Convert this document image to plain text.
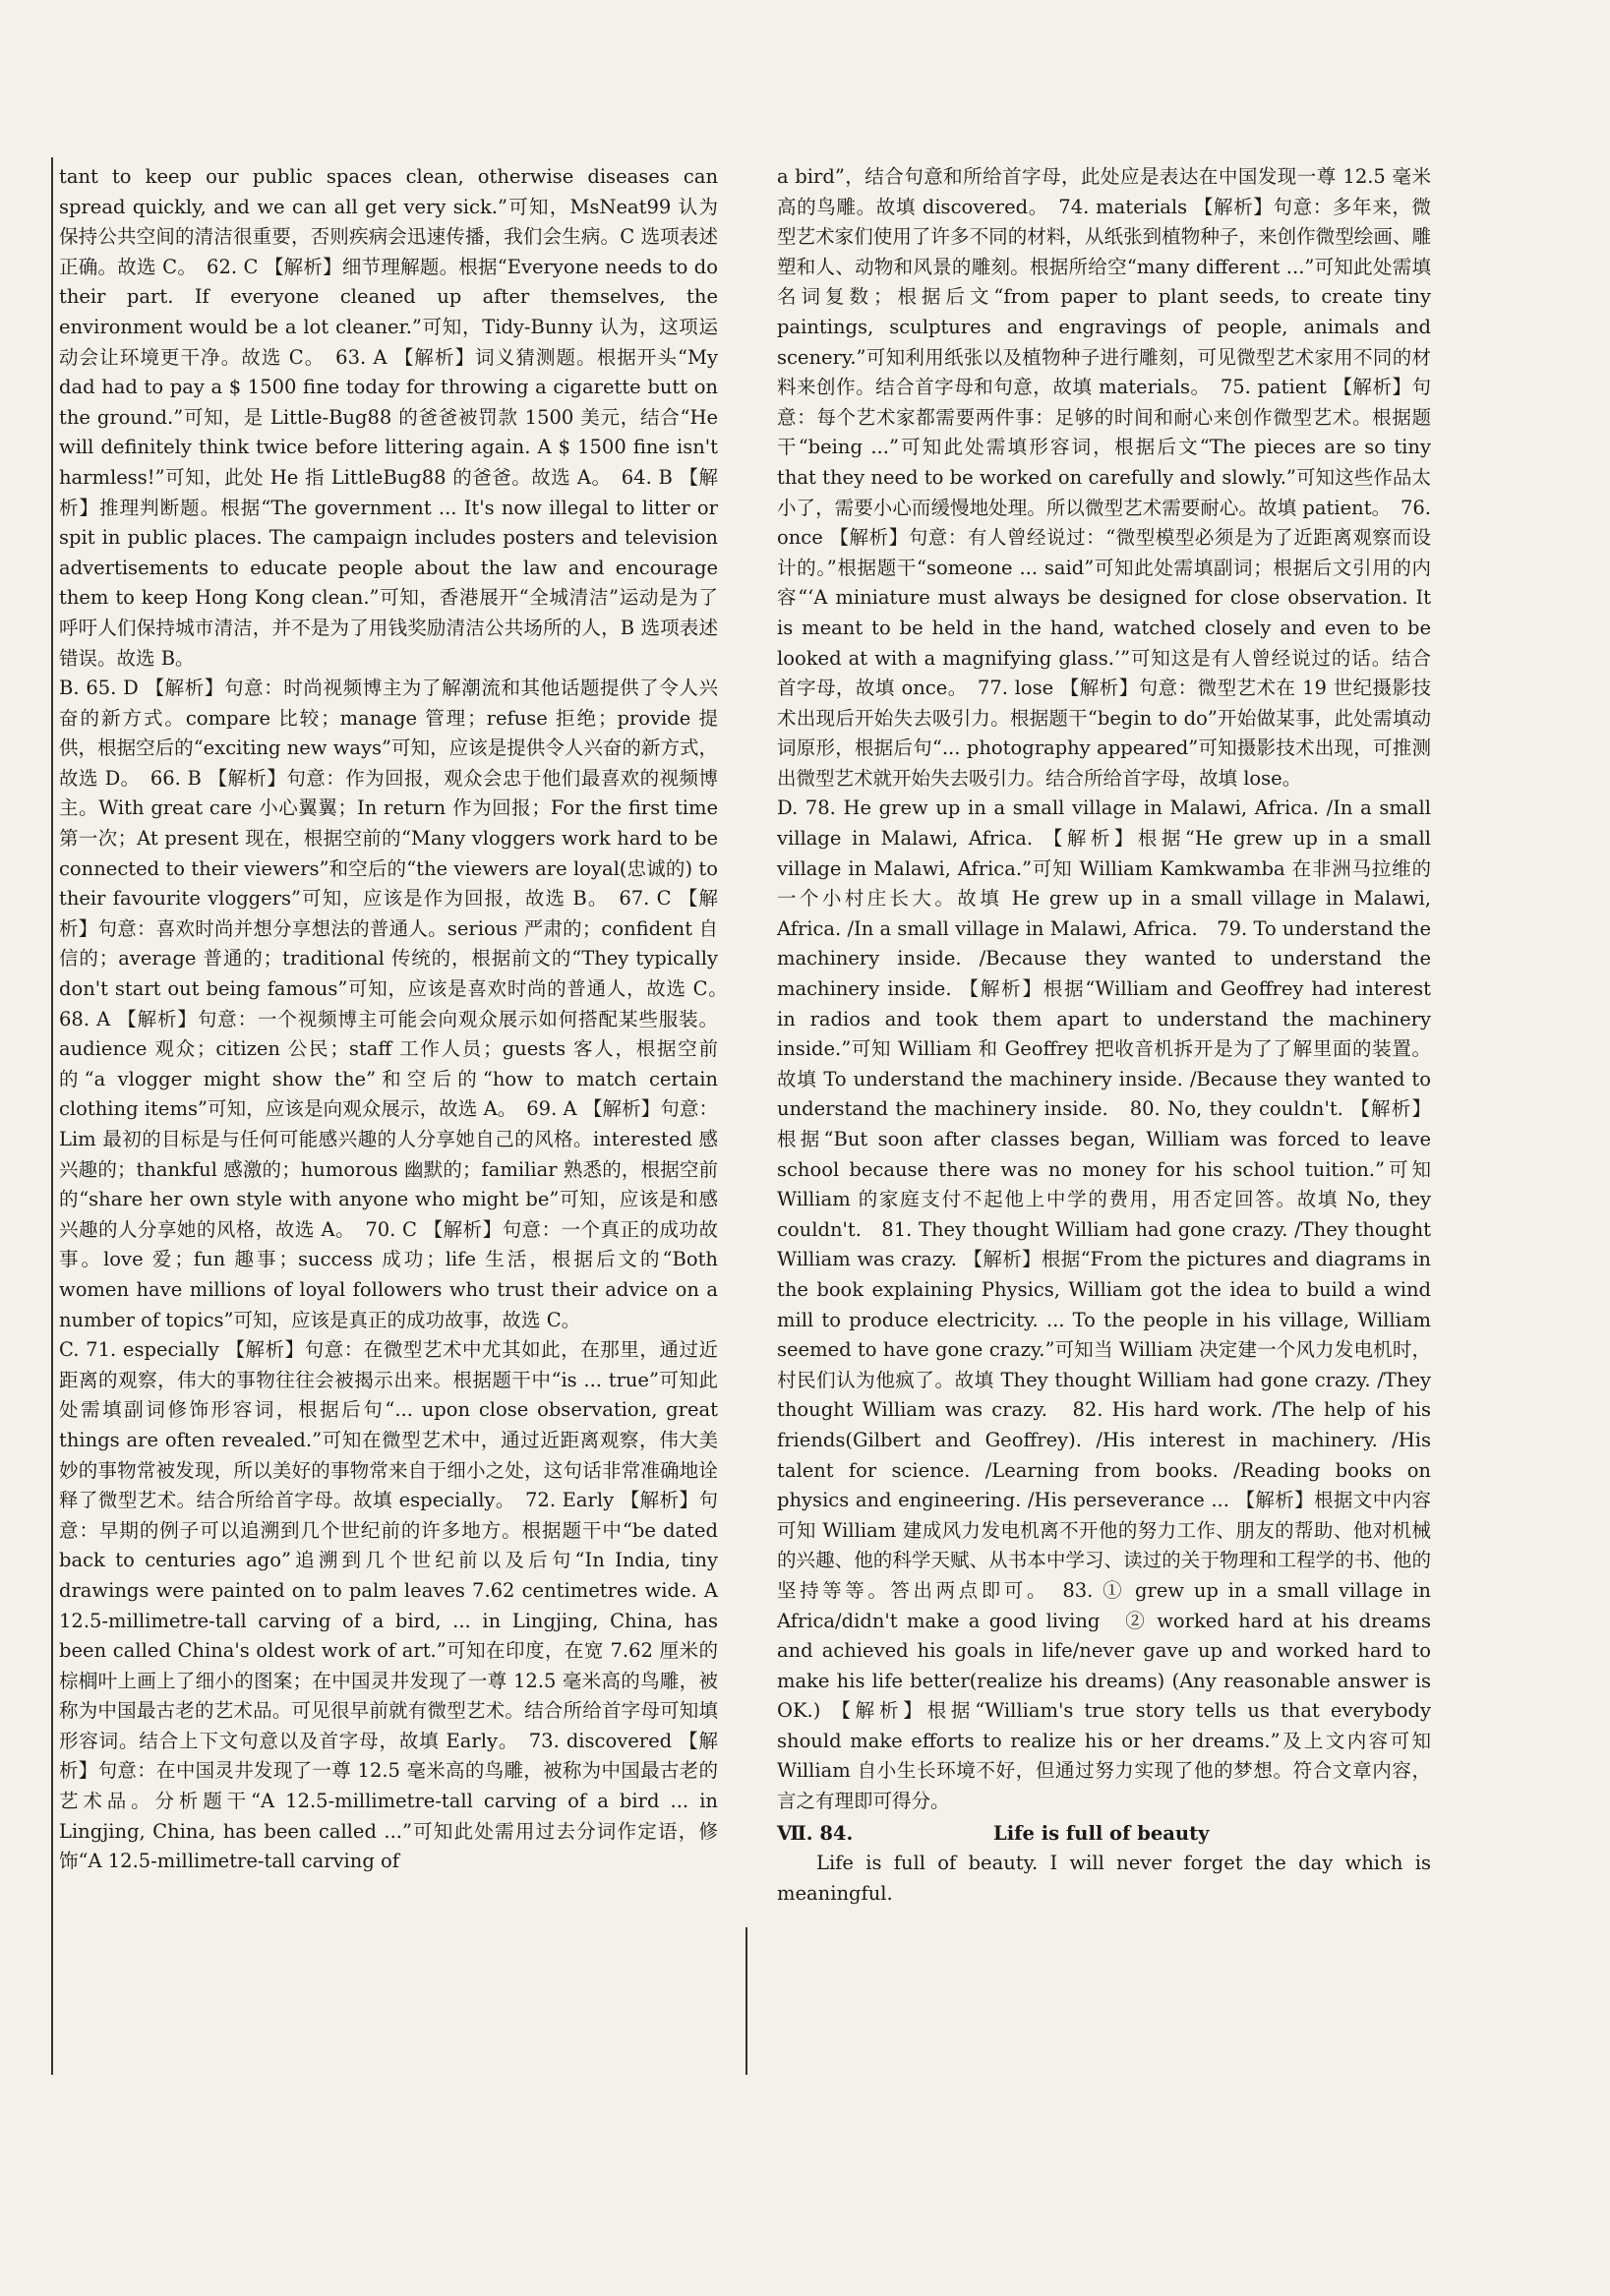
tant to keep our public spaces clean, otherwise diseases can spread quickly, and we can all get very sick.”可知，MsNeat99 认为保持公共空间的清洁很重要，否则疾病会迅速传播，我们会生病。C 选项表述正确。故选 C。　62. C 【解析】细节理解题。根据“Everyone needs to do their part. If everyone cleaned up after themselves, the environment would be a lot cleaner.”可知，Tidy-Bunny 认为，这项运动会让环境更干净。故选 C。　63. A 【解析】词义猜测题。根据开头“My dad had to pay a $ 1500 fine today for throwing a cigarette butt on the ground.”可知，是 Little-Bug88 的爸爸被罚款 1500 美元，结合“He will definitely think twice before littering again. A $ 1500 fine isn't harmless!”可知，此处 He 指 LittleBug88 的爸爸。故选 A。　64. B 【解析】推理判断题。根据“The government ... It's now illegal to litter or spit in public places. The campaign includes posters and television advertisements to educate people about the law and encourage them to keep Hong Kong clean.”可知，香港展开“全城清洁”运动是为了呼吁人们保持城市清洁，并不是为了用钱奖励清洁公共场所的人，B 选项表述错误。故选 B。

B. 65. D 【解析】句意：时尚视频博主为了解潮流和其他话题提供了令人兴奋的新方式。compare 比较；manage 管理；refuse 拒绝；provide 提供，根据空后的“exciting new ways”可知，应该是提供令人兴奋的新方式，故选 D。　66. B 【解析】句意：作为回报，观众会忠于他们最喜欢的视频博主。With great care 小心翼翼；In return 作为回报；For the first time 第一次；At present 现在，根据空前的“Many vloggers work hard to be connected to their viewers”和空后的“the viewers are loyal(忠诚的) to their favourite vloggers”可知，应该是作为回报，故选 B。　67. C 【解析】句意：喜欢时尚并想分享想法的普通人。serious 严肃的；confident 自信的；average 普通的；traditional 传统的，根据前文的“They typically don't start out being famous”可知，应该是喜欢时尚的普通人，故选 C。　68. A 【解析】句意：一个视频博主可能会向观众展示如何搭配某些服装。audience 观众；citizen 公民；staff 工作人员；guests 客人，根据空前的“a vlogger might show the”和空后的“how to match certain clothing items”可知，应该是向观众展示，故选 A。　69. A 【解析】句意：Lim 最初的目标是与任何可能感兴趣的人分享她自己的风格。interested 感兴趣的；thankful 感激的；humorous 幽默的；familiar 熟悉的，根据空前的“share her own style with anyone who might be”可知，应该是和感兴趣的人分享她的风格，故选 A。　70. C 【解析】句意：一个真正的成功故事。love 爱；fun 趣事；success 成功；life 生活，根据后文的“Both women have millions of loyal followers who trust their advice on a number of topics”可知，应该是真正的成功故事，故选 C。

C. 71. especially 【解析】句意：在微型艺术中尤其如此，在那里，通过近距离的观察，伟大的事物往往会被揭示出来。根据题干中“is ... true”可知此处需填副词修饰形容词，根据后句“... upon close observation, great things are often revealed.”可知在微型艺术中，通过近距离观察，伟大美妙的事物常被发现，所以美好的事物常来自于细小之处，这句话非常准确地诠释了微型艺术。结合所给首字母。故填 especially。　72. Early 【解析】句意：早期的例子可以追溯到几个世纪前的许多地方。根据题干中“be dated back to centuries ago”追溯到几个世纪前以及后句“In India, tiny drawings were painted on to palm leaves 7.62 centimetres wide. A 12.5-millimetre-tall carving of a bird, ... in Lingjing, China, has been called China's oldest work of art.”可知在印度，在宽 7.62 厘米的棕榈叶上画上了细小的图案；在中国灵井发现了一尊 12.5 毫米高的鸟雕，被称为中国最古老的艺术品。可见很早前就有微型艺术。结合所给首字母可知填形容词。结合上下文句意以及首字母，故填 Early。　73. discovered 【解析】句意：在中国灵井发现了一尊 12.5 毫米高的鸟雕，被称为中国最古老的艺术品。分析题干“A 12.5-millimetre-tall carving of a bird ... in Lingjing, China, has been called ...”可知此处需用过去分词作定语，修饰“A 12.5-millimetre-tall carving of

a bird”，结合句意和所给首字母，此处应是表达在中国发现一尊 12.5 毫米高的鸟雕。故填 discovered。　74. materials 【解析】句意：多年来，微型艺术家们使用了许多不同的材料，从纸张到植物种子，来创作微型绘画、雕塑和人、动物和风景的雕刻。根据所给空“many different ...”可知此处需填名词复数；根据后文“from paper to plant seeds, to create tiny paintings, sculptures and engravings of people, animals and scenery.”可知利用纸张以及植物种子进行雕刻，可见微型艺术家用不同的材料来创作。结合首字母和句意，故填 materials。　75. patient 【解析】句意：每个艺术家都需要两件事：足够的时间和耐心来创作微型艺术。根据题干“being ...”可知此处需填形容词，根据后文“The pieces are so tiny that they need to be worked on carefully and slowly.”可知这些作品太小了，需要小心而缓慢地处理。所以微型艺术需要耐心。故填 patient。　76. once 【解析】句意：有人曾经说过：“微型模型必须是为了近距离观察而设计的。”根据题干“someone ... said”可知此处需填副词；根据后文引用的内容“‘A miniature must always be designed for close observation. It is meant to be held in the hand, watched closely and even to be looked at with a magnifying glass.’”可知这是有人曾经说过的话。结合首字母，故填 once。　77. lose 【解析】句意：微型艺术在 19 世纪摄影技术出现后开始失去吸引力。根据题干“begin to do”开始做某事，此处需填动词原形，根据后句“... photography appeared”可知摄影技术出现，可推测出微型艺术就开始失去吸引力。结合所给首字母，故填 lose。

D. 78. He grew up in a small village in Malawi, Africa. /In a small village in Malawi, Africa. 【解析】根据“He grew up in a small village in Malawi, Africa.”可知 William Kamkwamba 在非洲马拉维的一个小村庄长大。故填 He grew up in a small village in Malawi, Africa. /In a small village in Malawi, Africa.　79. To understand the machinery inside. /Because they wanted to understand the machinery inside. 【解析】根据“William and Geoffrey had interest in radios and took them apart to understand the machinery inside.”可知 William 和 Geoffrey 把收音机拆开是为了了解里面的装置。故填 To understand the machinery inside. /Because they wanted to understand the machinery inside.　80. No, they couldn't. 【解析】根据“But soon after classes began, William was forced to leave school because there was no money for his school tuition.”可知 William 的家庭支付不起他上中学的费用，用否定回答。故填 No, they couldn't.　81. They thought William had gone crazy. /They thought William was crazy. 【解析】根据“From the pictures and diagrams in the book explaining Physics, William got the idea to build a wind mill to produce electricity. ... To the people in his village, William seemed to have gone crazy.”可知当 William 决定建一个风力发电机时，村民们认为他疯了。故填 They thought William had gone crazy. /They thought William was crazy.　82. His hard work. /The help of his friends(Gilbert and Geoffrey). /His interest in machinery. /His talent for science. /Learning from books. /Reading books on physics and engineering. /His perseverance ... 【解析】根据文中内容可知 William 建成风力发电机离不开他的努力工作、朋友的帮助、他对机械的兴趣、他的科学天赋、从书本中学习、读过的关于物理和工程学的书、他的坚持等等。答出两点即可。　83. ① grew up in a small village in Africa/didn't make a good living　② worked hard at his dreams and achieved his goals in life/never gave up and worked hard to make his life better(realize his dreams) (Any reasonable answer is OK.) 【解析】根据“William's true story tells us that everybody should make efforts to realize his or her dreams.”及上文内容可知 William 自小生长环境不好，但通过努力实现了他的梦想。符合文章内容，言之有理即可得分。

Ⅶ. 84.	Life is full of beauty

Life is full of beauty. I will never forget the day which is meaningful.
